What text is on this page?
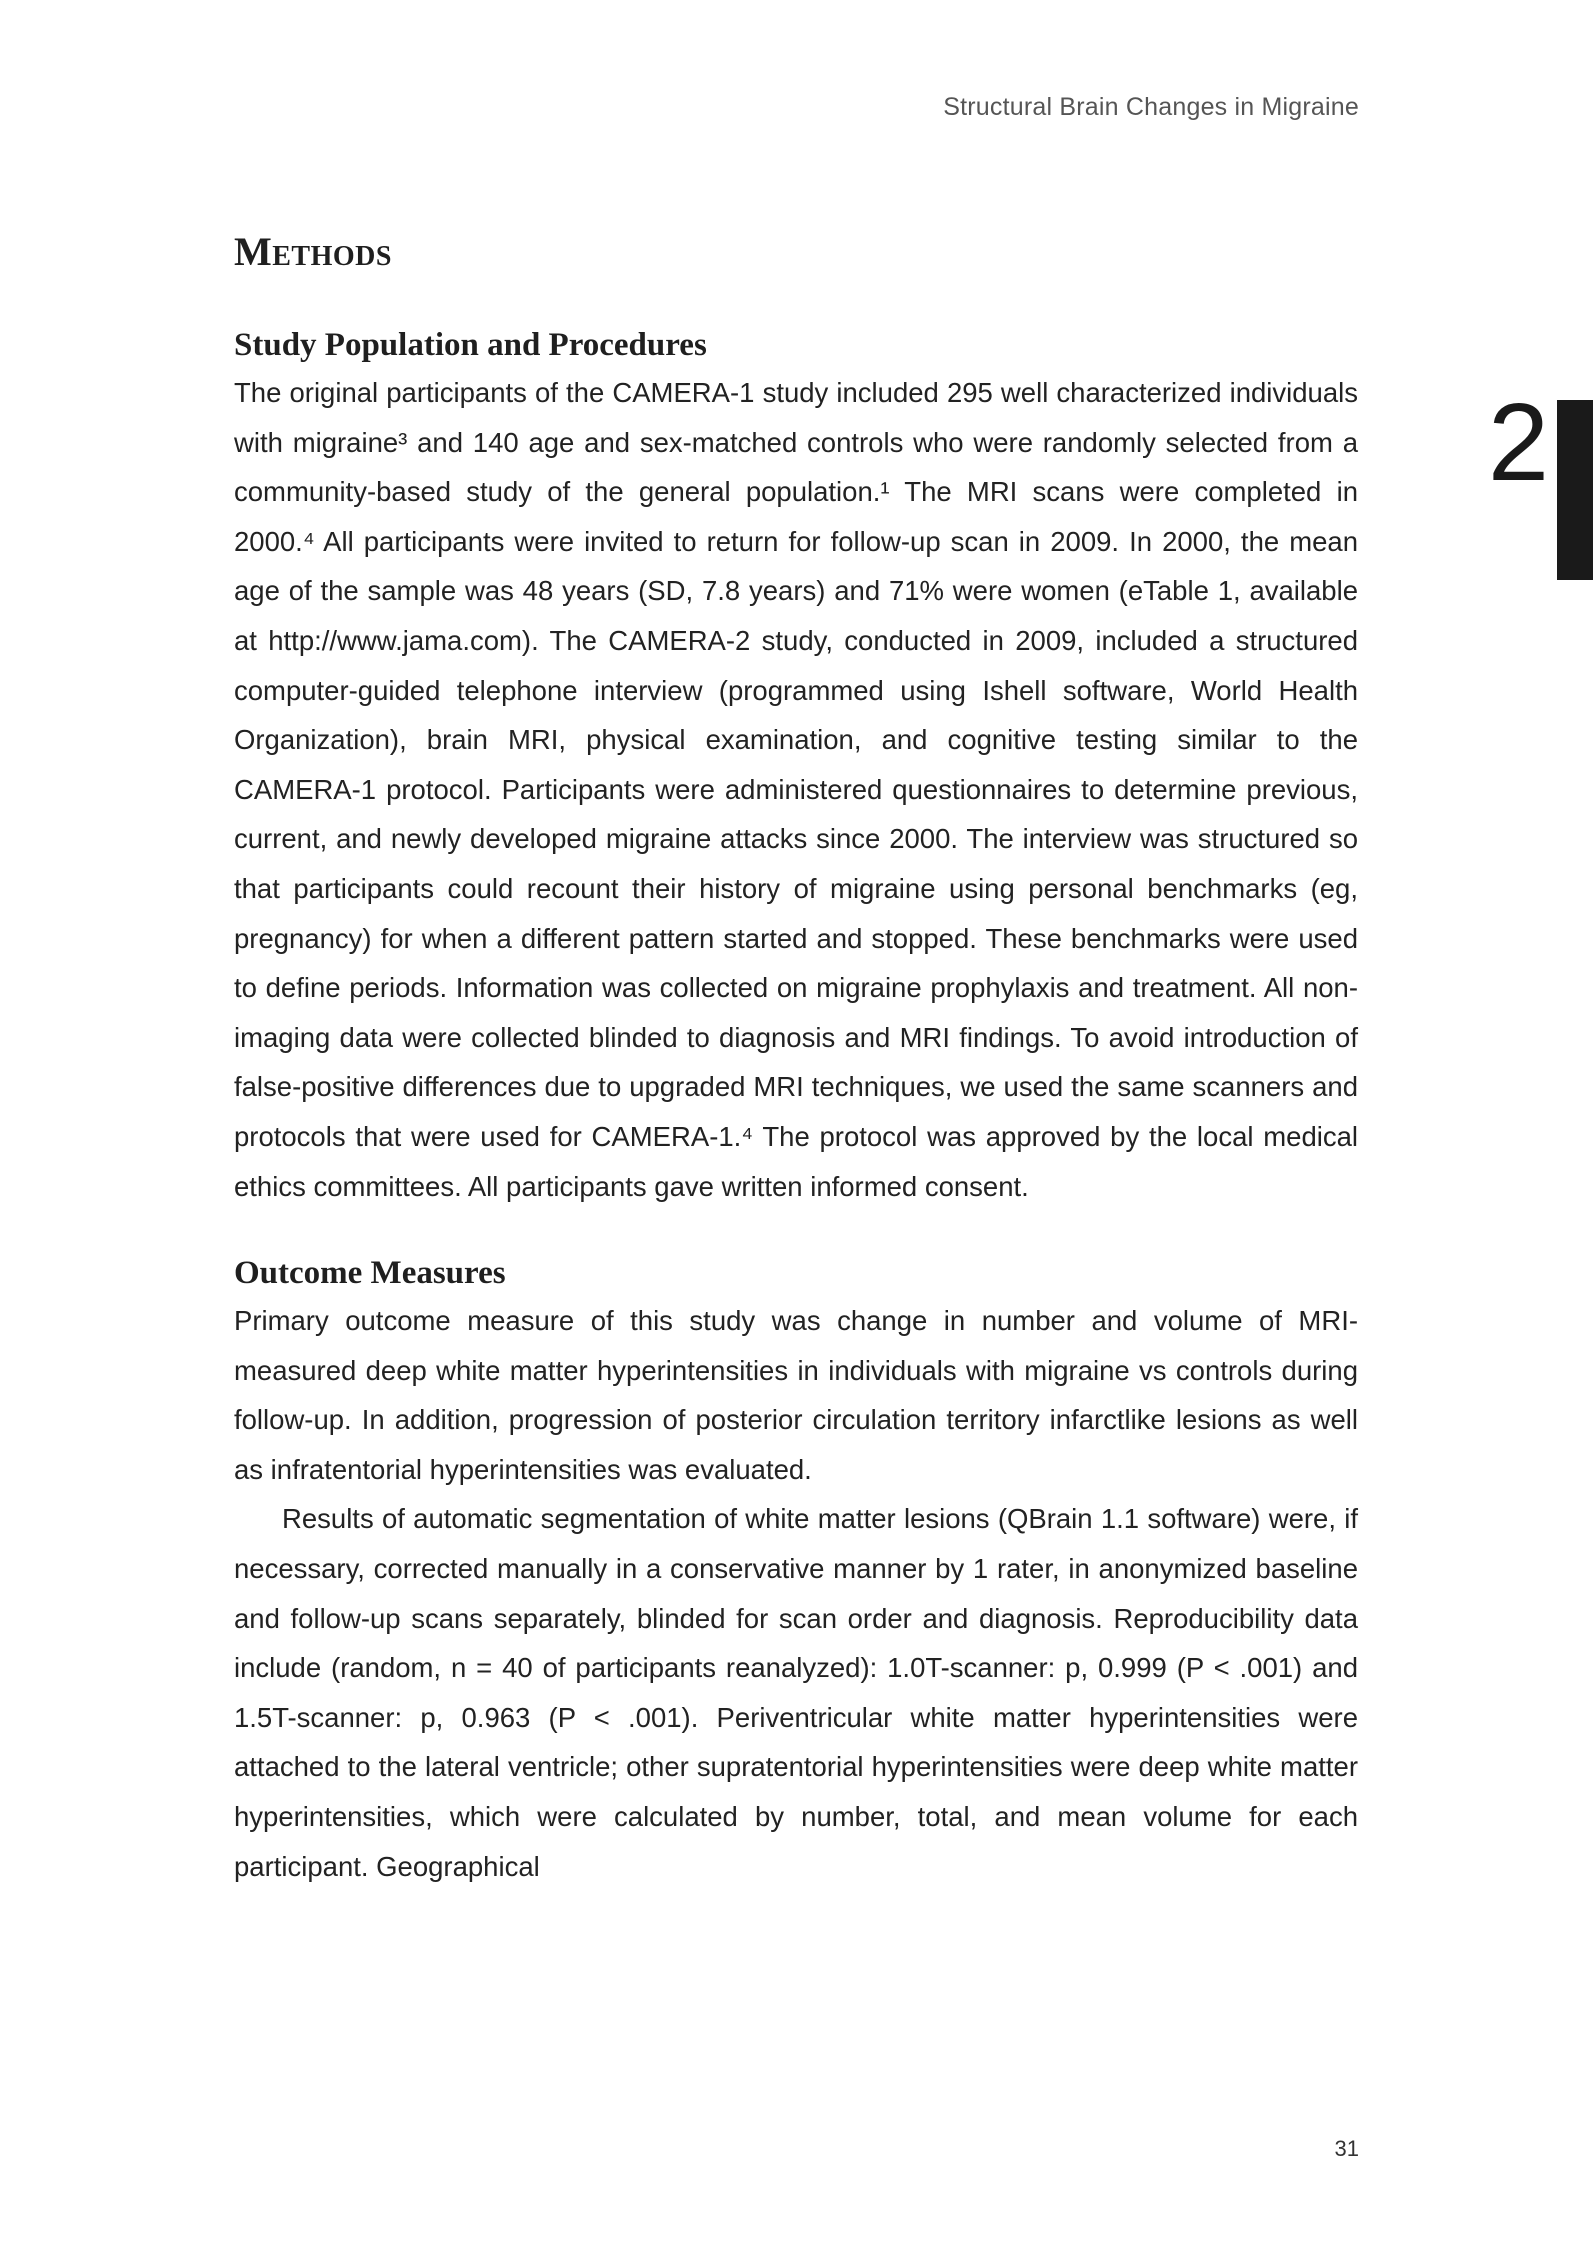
Structural Brain Changes in Migraine
2
Methods
Study Population and Procedures

The original participants of the CAMERA-1 study included 295 well characterized individuals with migraine³ and 140 age and sex-matched controls who were randomly selected from a community-based study of the general population.¹ The MRI scans were completed in 2000.⁴ All participants were invited to return for follow-up scan in 2009. In 2000, the mean age of the sample was 48 years (SD, 7.8 years) and 71% were women (eTable 1, available at http://www.jama.com). The CAMERA-2 study, conducted in 2009, included a structured computer-guided telephone interview (programmed using Ishell software, World Health Organization), brain MRI, physical examination, and cognitive testing similar to the CAMERA-1 protocol. Participants were administered questionnaires to determine previous, current, and newly developed migraine attacks since 2000. The interview was structured so that participants could recount their history of migraine using personal benchmarks (eg, pregnancy) for when a different pattern started and stopped. These benchmarks were used to define periods. Information was collected on migraine prophylaxis and treatment. All non-imaging data were collected blinded to diagnosis and MRI findings. To avoid introduction of false-positive differences due to upgraded MRI techniques, we used the same scanners and protocols that were used for CAMERA-1.⁴ The protocol was approved by the local medical ethics committees. All participants gave written informed consent.

Outcome Measures

Primary outcome measure of this study was change in number and volume of MRI-measured deep white matter hyperintensities in individuals with migraine vs controls during follow-up. In addition, progression of posterior circulation territory infarctlike lesions as well as infratentorial hyperintensities was evaluated.

Results of automatic segmentation of white matter lesions (QBrain 1.1 software) were, if necessary, corrected manually in a conservative manner by 1 rater, in anonymized baseline and follow-up scans separately, blinded for scan order and diagnosis. Reproducibility data include (random, n = 40 of participants reanalyzed): 1.0T-scanner: p, 0.999 (P < .001) and 1.5T-scanner: p, 0.963 (P < .001). Periventricular white matter hyperintensities were attached to the lateral ventricle; other supratentorial hyperintensities were deep white matter hyperintensities, which were calculated by number, total, and mean volume for each participant. Geographical

31
